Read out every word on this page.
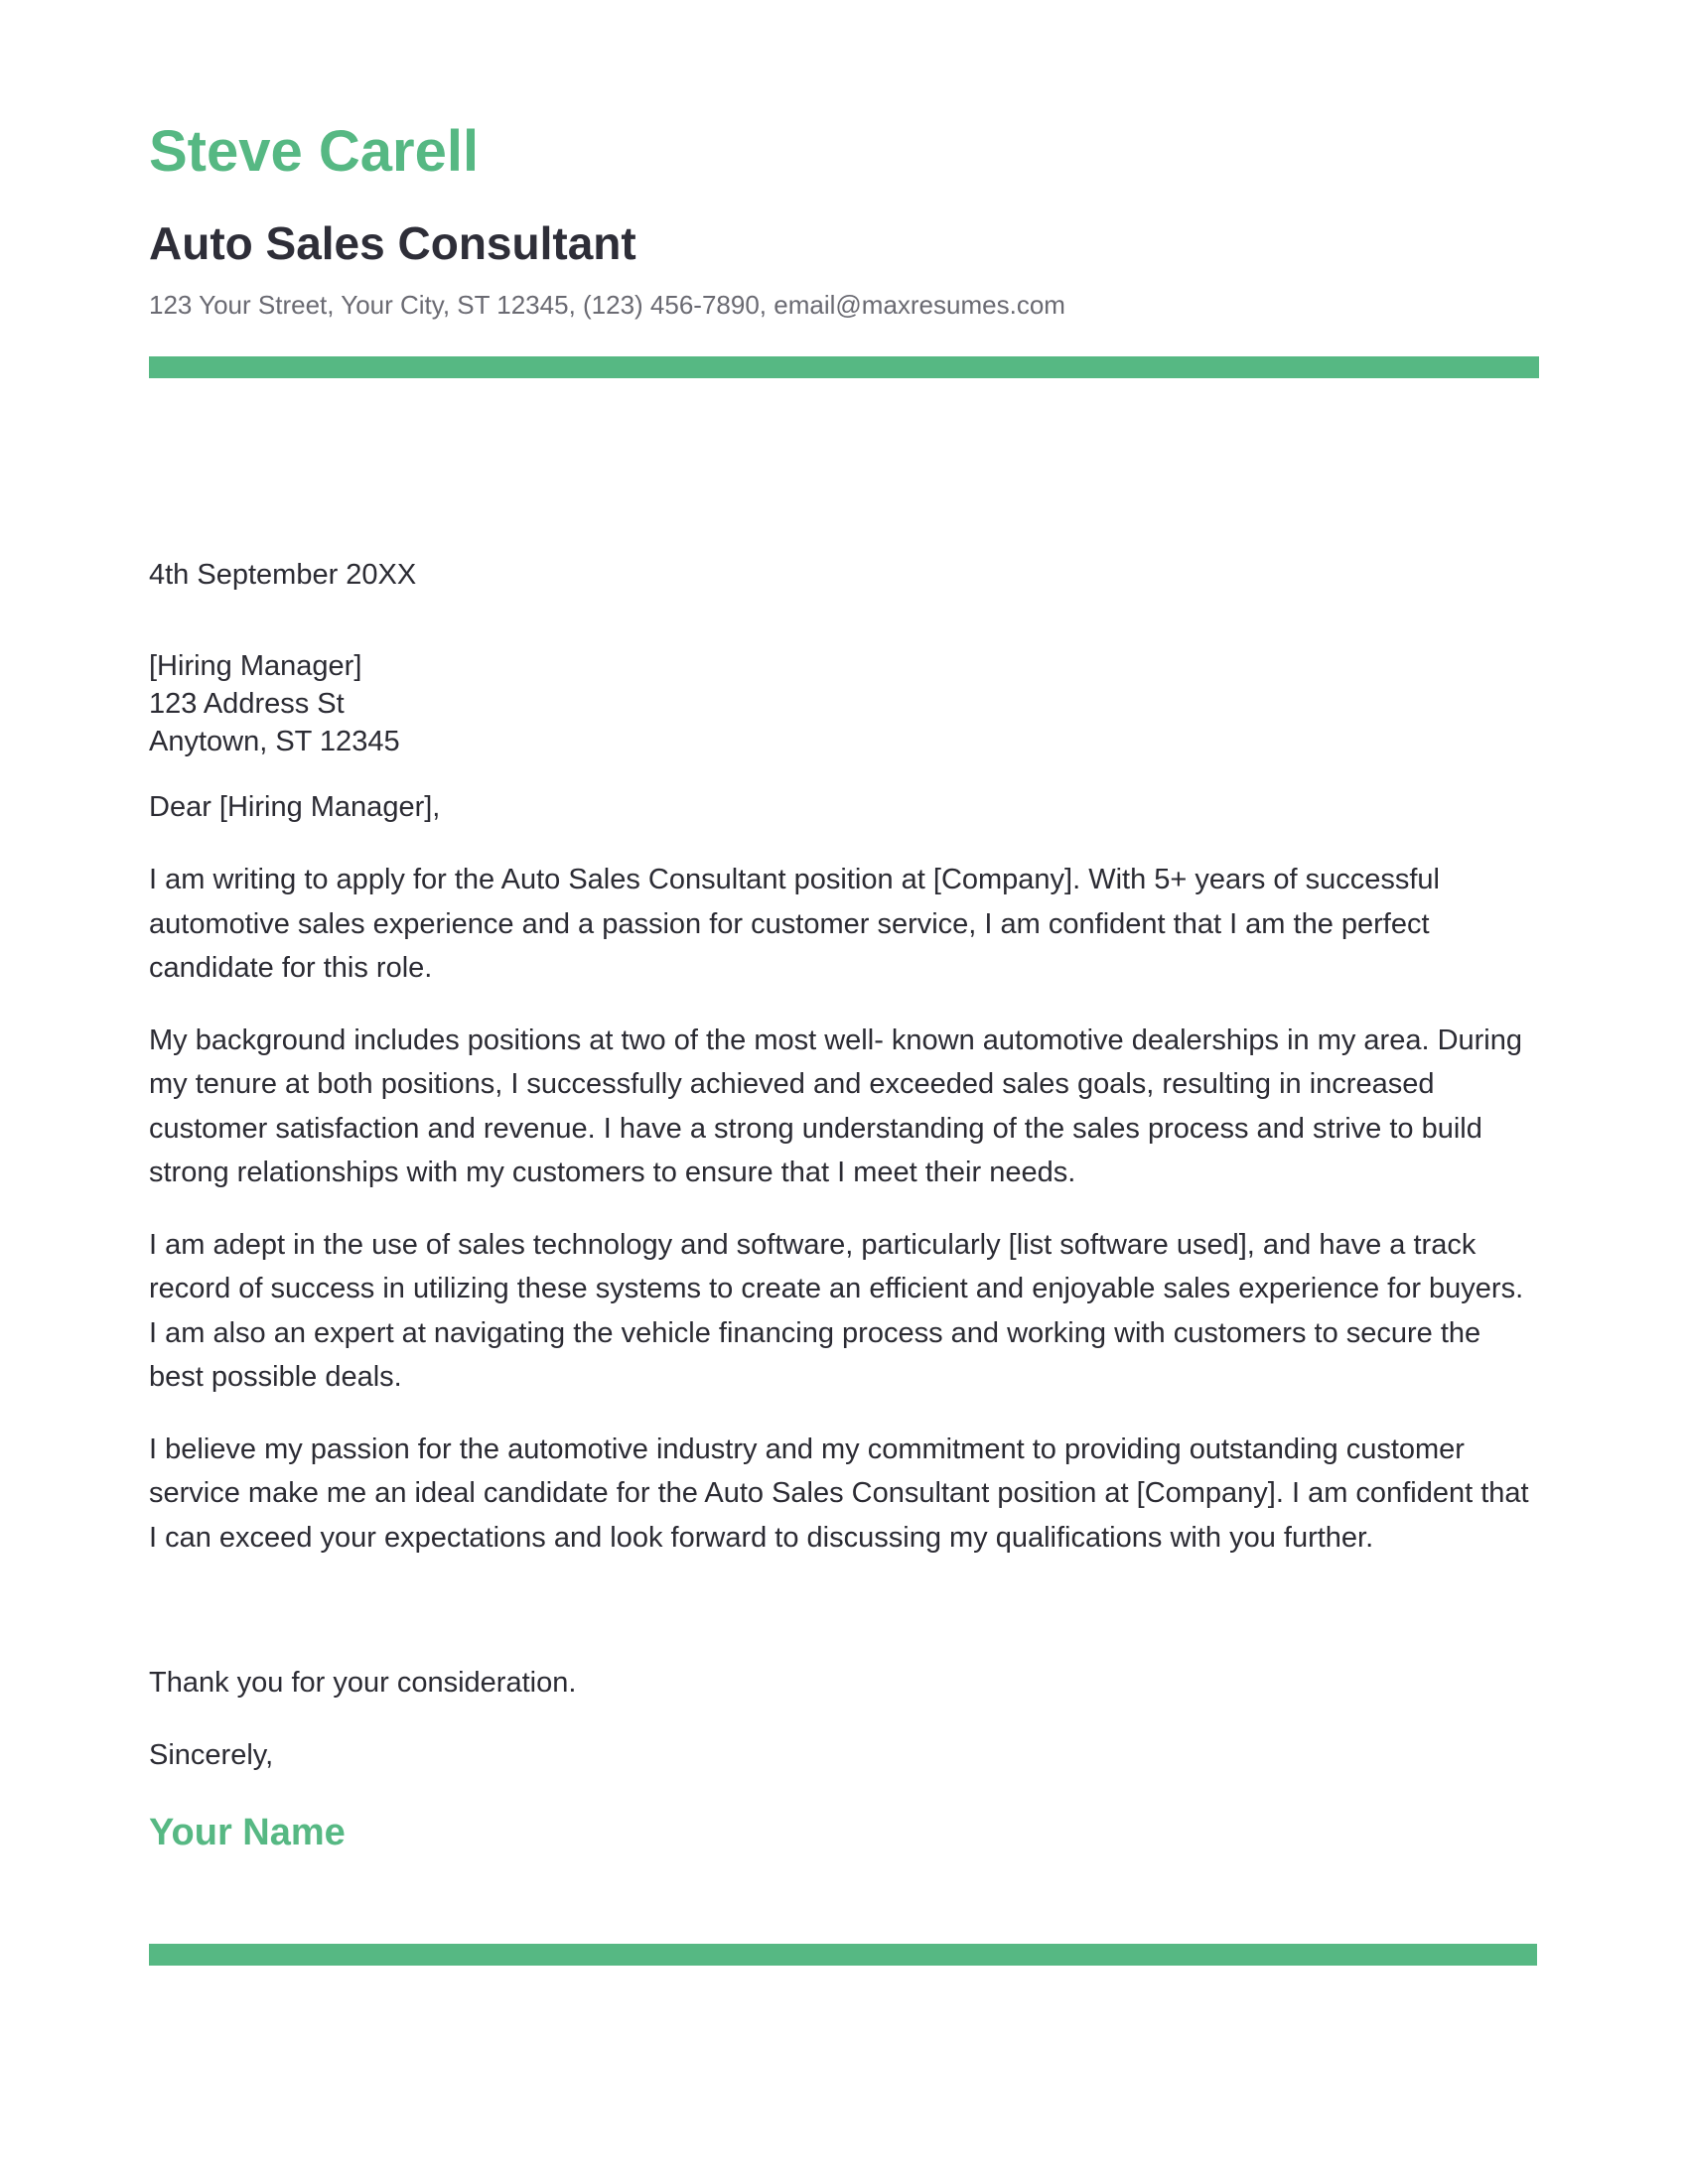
Steve Carell
Auto Sales Consultant
123 Your Street, Your City, ST 12345, (123) 456-7890, email@maxresumes.com
4th September 20XX
[Hiring Manager]
123 Address St
Anytown, ST 12345
Dear [Hiring Manager],

I am writing to apply for the Auto Sales Consultant position at [Company]. With 5+ years of successful automotive sales experience and a passion for customer service, I am confident that I am the perfect candidate for this role.

My background includes positions at two of the most well- known automotive dealerships in my area. During my tenure at both positions, I successfully achieved and exceeded sales goals, resulting in increased customer satisfaction and revenue. I have a strong understanding of the sales process and strive to build strong relationships with my customers to ensure that I meet their needs.

I am adept in the use of sales technology and software, particularly [list software used], and have a track record of success in utilizing these systems to create an efficient and enjoyable sales experience for buyers. I am also an expert at navigating the vehicle financing process and working with customers to secure the best possible deals.

I believe my passion for the automotive industry and my commitment to providing outstanding customer service make me an ideal candidate for the Auto Sales Consultant position at [Company]. I am confident that I can exceed your expectations and look forward to discussing my qualifications with you further.

Thank you for your consideration.
Sincerely,
Your Name
